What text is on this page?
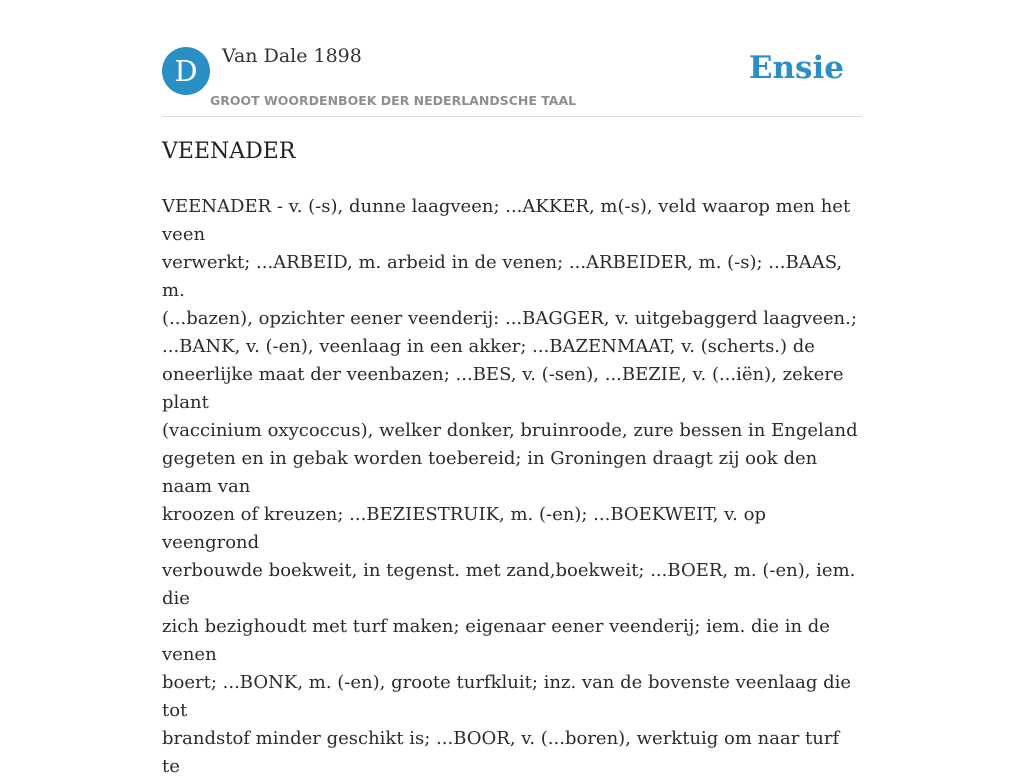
D	Van Dale 1898
GROOT WOORDENBOEK DER NEDERLANDSCHE TAAL
Ensie
VEENADER

VEENADER - v. (-s), dunne laagveen; ...AKKER, m(-s), veld waarop men het veen
verwerkt; ...ARBEID, m. arbeid in de venen; ...ARBEIDER, m. (-s); ...BAAS, m.
(...bazen), opzichter eener veenderij: ...BAGGER, v. uitgebaggerd laagveen.;
...BANK, v. (-en), veenlaag in een akker; ...BAZENMAAT, v. (scherts.) de
oneerlijke maat der veenbazen; ...BES, v. (-sen), ...BEZIE, v. (...iën), zekere plant
(vaccinium oxycoccus), welker donker, bruinroode, zure bessen in Engeland
gegeten en in gebak worden toebereid; in Groningen draagt zij ook den naam van
kroozen of kreuzen; ...BEZIESTRUIK, m. (-en); ...BOEKWEIT, v. op veengrond
verbouwde boekweit, in tegenst. met zand,boekweit; ...BOER, m. (-en), iem. die
zich bezighoudt met turf maken; eigenaar eener veenderij; iem. die in de venen
boert; ...BONK, m. (-en), groote turfkluit; inz. van de bovenste veenlaag die tot
brandstof minder geschikt is; ...BOOR, v. (...boren), werktuig om naar turf te
